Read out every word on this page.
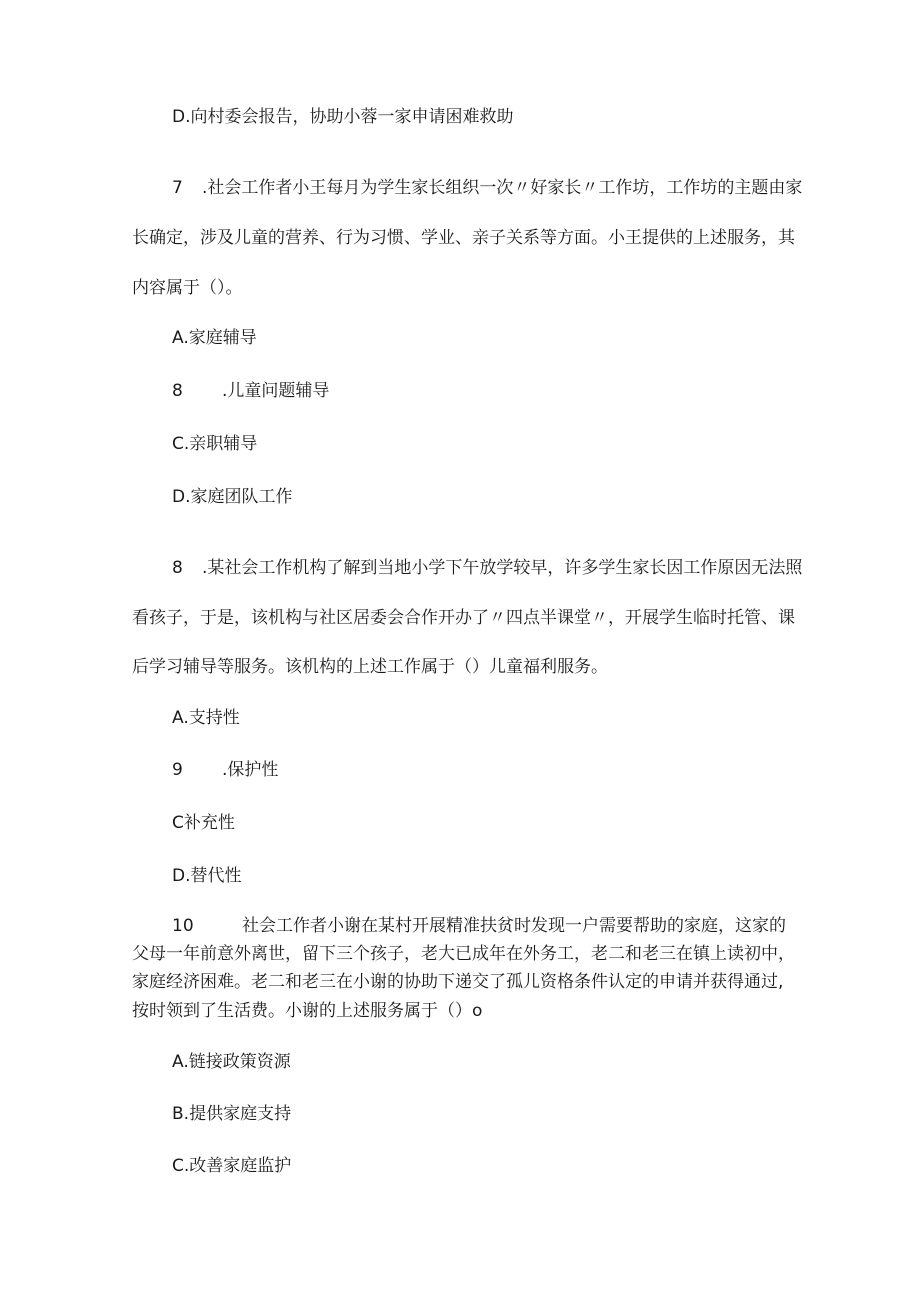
D.向村委会报告，协助小蓉一家申请困难救助
7 .社会工作者小王每月为学生家长组织一次〃好家长〃工作坊，工作坊的主题由家
长确定，涉及儿童的营养、行为习惯、学业、亲子关系等方面。小王提供的上述服务，其
内容属于（）。
A.家庭辅导
8 .儿童问题辅导
C.亲职辅导
D.家庭团队工作
8 .某社会工作机构了解到当地小学下午放学较早，许多学生家长因工作原因无法照
看孩子，于是，该机构与社区居委会合作开办了〃四点半课堂〃，开展学生临时托管、课
后学习辅导等服务。该机构的上述工作属于（）儿童福利服务。
A.支持性
9 .保护性
C补充性
D.替代性
10	社会工作者小谢在某村开展精准扶贫时发现一户需要帮助的家庭，这家的
父母一年前意外离世，留下三个孩子，老大已成年在外务工，老二和老三在镇上读初中，
家庭经济困难。老二和老三在小谢的协助下递交了孤儿资格条件认定的申请并获得通过,
按时领到了生活费。小谢的上述服务属于（）o
A.链接政策资源
B.提供家庭支持
C.改善家庭监护
